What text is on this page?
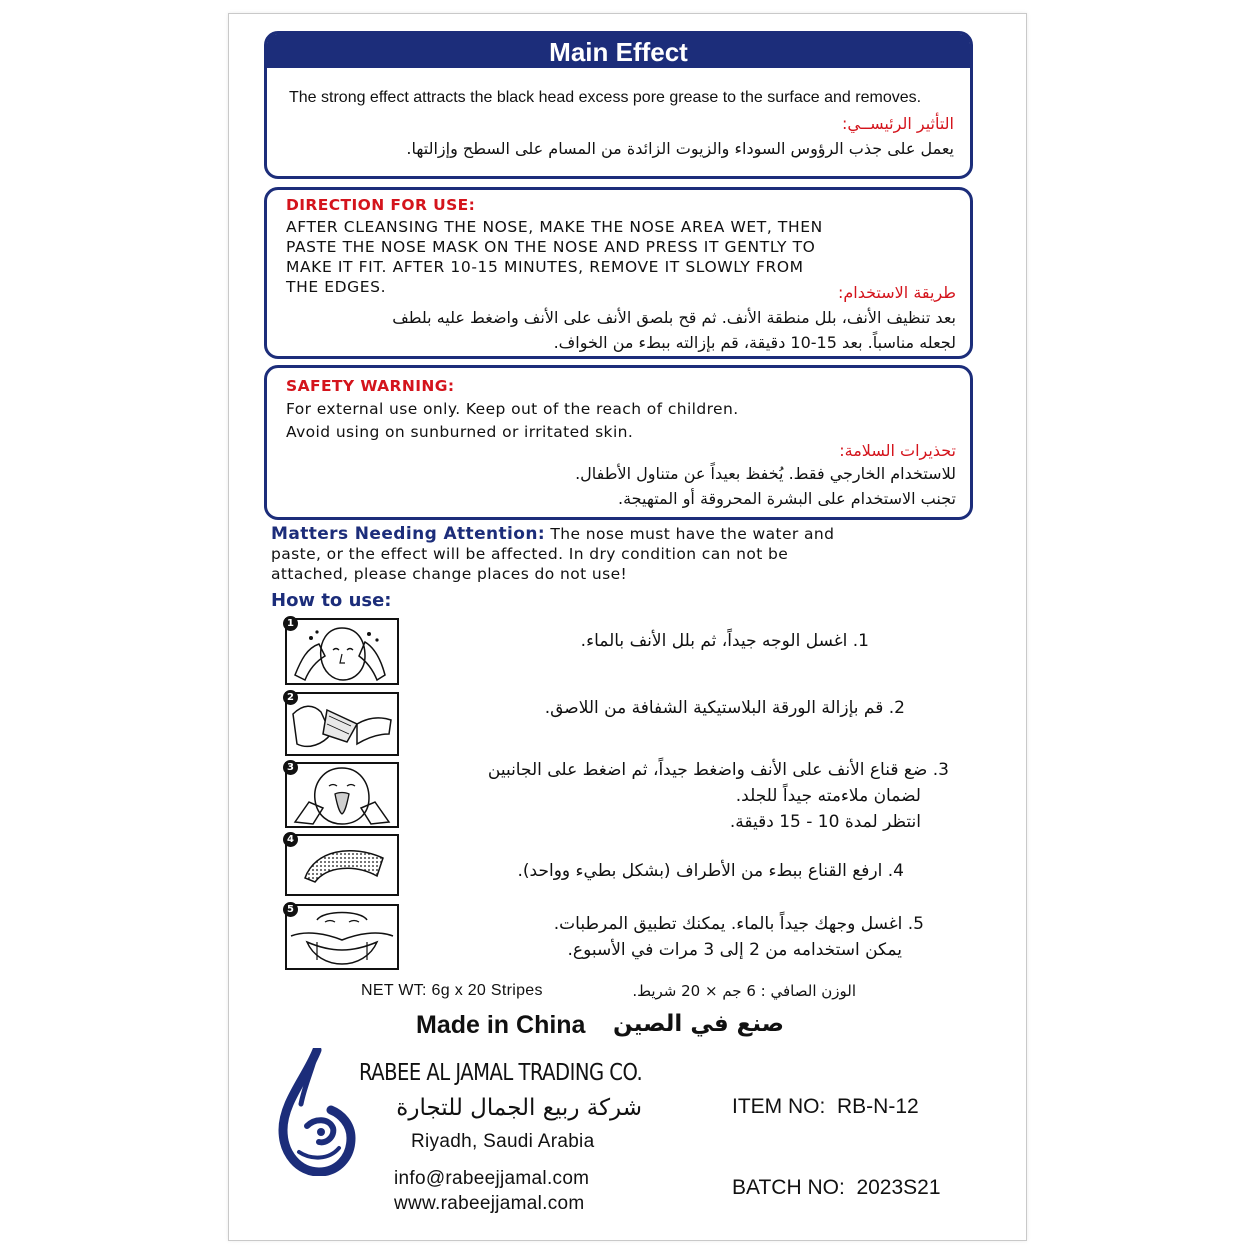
Main Effect
The strong effect attracts the black head excess pore grease to the surface and removes.
التأثير الرئيســي:
يعمل على جذب الرؤوس السوداء والزيوت الزائدة من المسام على السطح وإزالتها.
DIRECTION FOR USE:
AFTER CLEANSING THE NOSE, MAKE THE NOSE AREA WET, THEN
PASTE THE NOSE MASK ON THE NOSE AND PRESS IT GENTLY TO
MAKE IT FIT. AFTER 10-15 MINUTES, REMOVE IT SLOWLY FROM
THE EDGES.	طريقة الاستخدام:
بعد تنظيف الأنف، بلل منطقة الأنف. ثم قح بلصق الأنف على الأنف واضغط عليه بلطف
لجعله مناسباً. بعد 15-10 دقيقة، قم بإزالته ببطء من الخواف.
SAFETY WARNING:
For external use only. Keep out of the reach of children.
Avoid using on sunburned or irritated skin.
تحذيرات السلامة:
للاستخدام الخارجي فقط. يُخفظ بعيداً عن متناول الأطفال.
تجنب الاستخدام على البشرة المحروقة أو المتهيجة.
Matters Needing Attention: The nose must have the water and
paste, or the effect will be affected. In dry condition can not be
attached, please change places do not use!
How to use:
1
1. اغسل الوجه جيداً، ثم بلل الأنف بالماء.
2
2. قم بإزالة الورقة البلاستيكية الشفافة من اللاصق.
3	3. ضع قناع الأنف على الأنف واضغط جيداً، ثم اضغط على الجانبين
لضمان ملاءمته جيداً للجلد.
انتظر لمدة 10 - 15 دقيقة.
4
4. ارفع القناع ببطء من الأطراف (بشكل بطيء وواحد).
5
5. اغسل وجهك جيداً بالماء. يمكنك تطبيق المرطبات.
يمكن استخدامه من 2 إلى 3 مرات في الأسبوع.
NET WT: 6g x 20 Stripes	الوزن الصافي : 6 جم × 20 شريط.
Made in China صنع في الصين
RABEE AL JAMAL TRADING CO.
شركة ربيع الجمال للتجارة
Riyadh, Saudi Arabia
info@rabeejjamal.com
www.rabeejjamal.com
ITEM NO:  RB-N-12
BATCH NO:  2023S21
